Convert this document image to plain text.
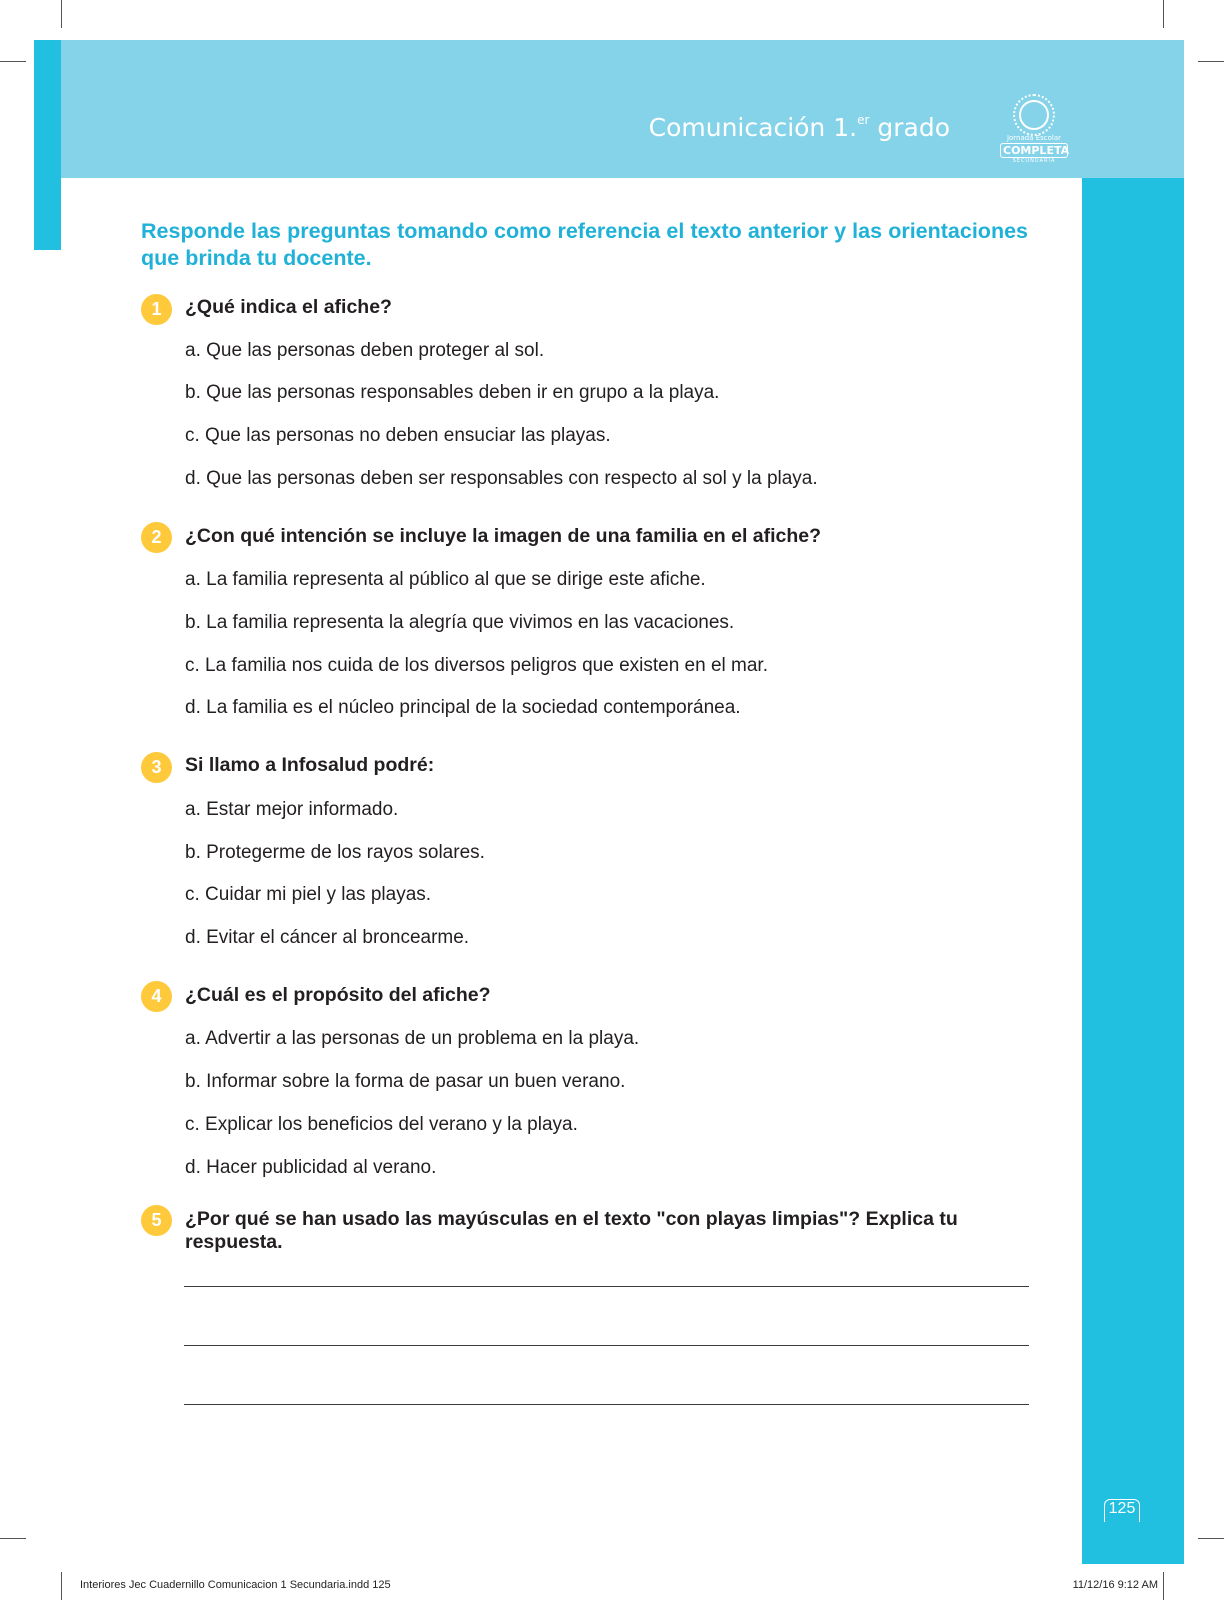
Comunicación 1.$^{er}$ grado	Jornada Escolar
COMPLETA
SECUNDARIA
Responde las preguntas tomando como referencia el texto anterior y las orientaciones que brinda tu docente.
1	¿Qué indica el afiche?
a. Que las personas deben proteger al sol.
b. Que las personas responsables deben ir en grupo a la playa.
c. Que las personas no deben ensuciar las playas.
d. Que las personas deben ser responsables con respecto al sol y la playa.
2	¿Con qué intención se incluye la imagen de una familia en el afiche?
a. La familia representa al público al que se dirige este afiche.
b. La familia representa la alegría que vivimos en las vacaciones.
c. La familia nos cuida de los diversos peligros que existen en el mar.
d. La familia es el núcleo principal de la sociedad contemporánea.
3	Si llamo a Infosalud podré:
a. Estar mejor informado.
b. Protegerme de los rayos solares.
c. Cuidar mi piel y las playas.
d. Evitar el cáncer al broncearme.
4	¿Cuál es el propósito del afiche?
a. Advertir a las personas de un problema en la playa.
b. Informar sobre la forma de pasar un buen verano.
c. Explicar los beneficios del verano y la playa.
d. Hacer publicidad al verano.
5	¿Por qué se han usado las mayúsculas en el texto "con playas limpias"? Explica tu respuesta.
125
Interiores Jec Cuadernillo Comunicacion 1 Secundaria.indd 125	11/12/16 9:12 AM
